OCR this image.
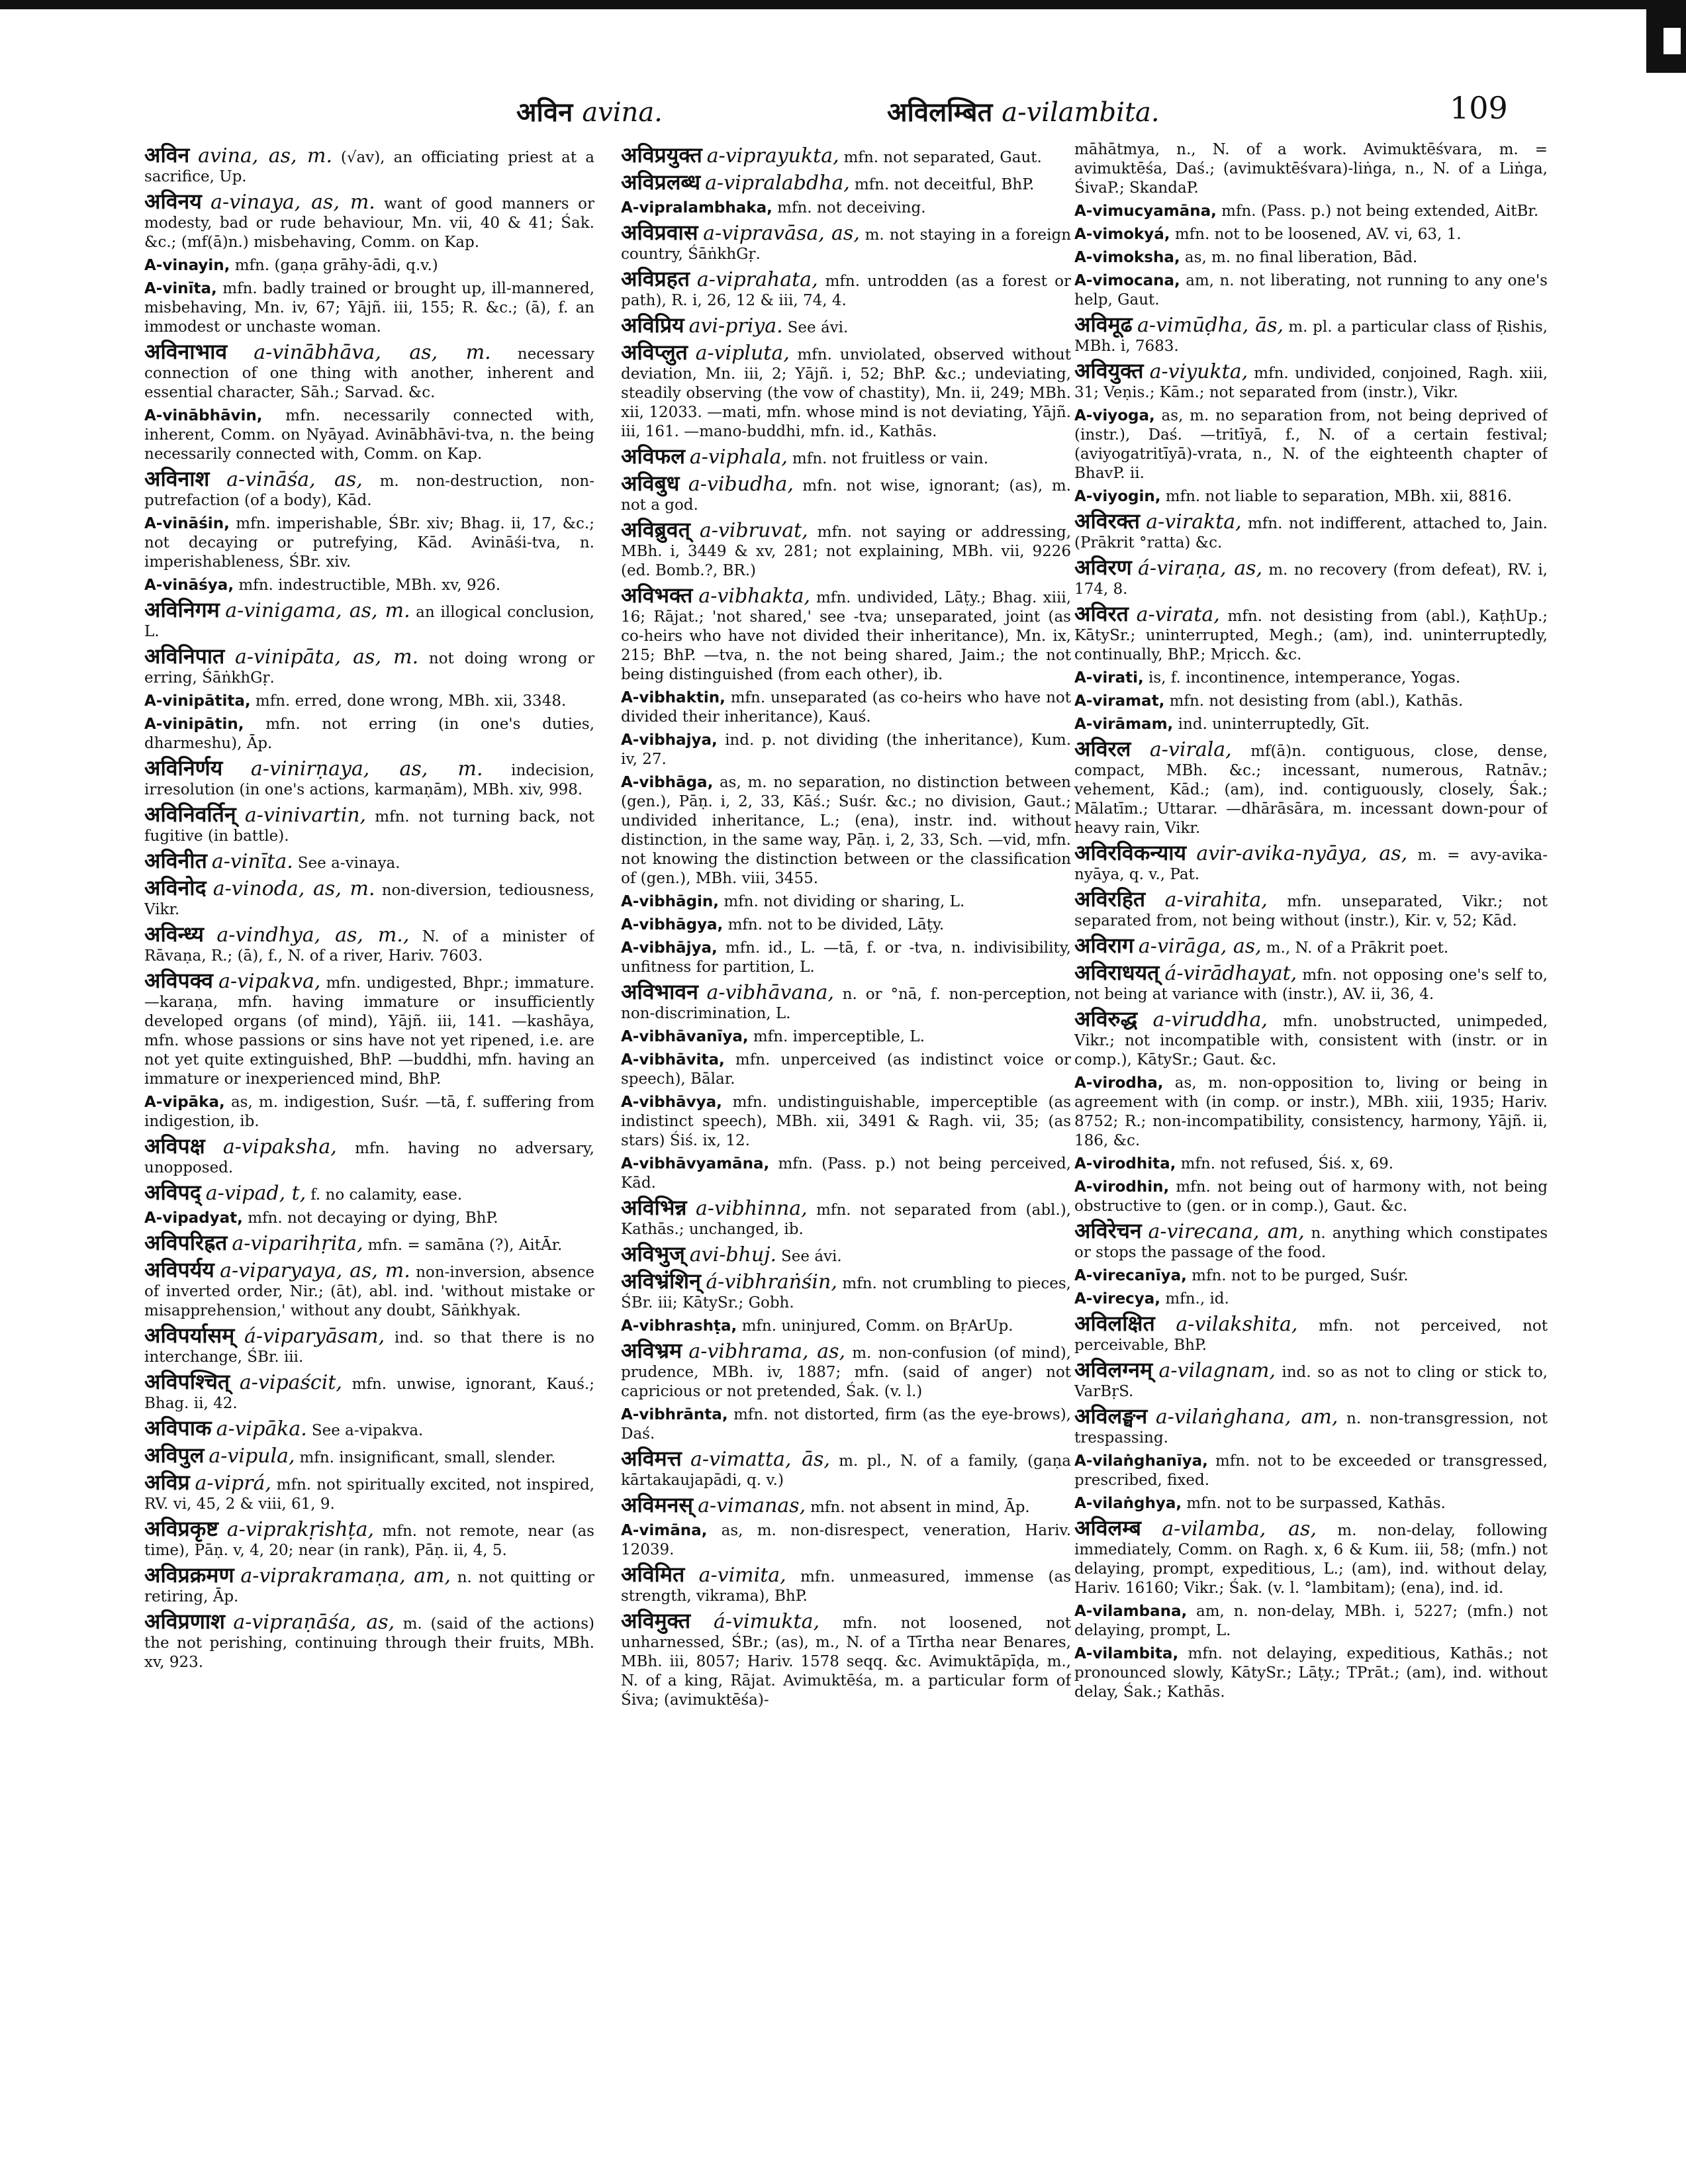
अविन avina.	अविलम्बित a-vilambita.	109
अविन avina, as, m. (√av), an officiating priest at a sacrifice, Up.
अविनय a-vinaya, as, m. want of good manners or modesty, bad or rude behaviour, Mn. vii, 40 & 41; Śak. &c.; (mf(ā)n.) misbehaving, Comm. on Kap.
A-vinayin, mfn. (gaṇa grāhy-ādi, q.v.)
A-vinīta, mfn. badly trained or brought up, ill-mannered, misbehaving, Mn. iv, 67; Yājñ. iii, 155; R. &c.; (ā), f. an immodest or unchaste woman.
अविनाभाव a-vinābhāva, as, m. necessary connection of one thing with another, inherent and essential character, Sāh.; Sarvad. &c.
A-vinābhāvin, mfn. necessarily connected with, inherent, Comm. on Nyāyad. Avinābhāvi-tva, n. the being necessarily connected with, Comm. on Kap.
अविनाश a-vināśa, as, m. non-destruction, non-putrefaction (of a body), Kād.
A-vināśin, mfn. imperishable, ŚBr. xiv; Bhag. ii, 17, &c.; not decaying or putrefying, Kād. Avināśi-tva, n. imperishableness, ŚBr. xiv.
A-vināśya, mfn. indestructible, MBh. xv, 926.
अविनिगम a-vinigama, as, m. an illogical conclusion, L.
अविनिपात a-vinipāta, as, m. not doing wrong or erring, ŚāṅkhGṛ.
A-vinipātita, mfn. erred, done wrong, MBh. xii, 3348.
A-vinipātin, mfn. not erring (in one's duties, dharmeshu), Āp.
अविनिर्णय a-vinirṇaya, as, m. indecision, irresolution (in one's actions, karmaṇām), MBh. xiv, 998.
अविनिवर्तिन् a-vinivartin, mfn. not turning back, not fugitive (in battle).
अविनीत a-vinīta. See a-vinaya.
अविनोद a-vinoda, as, m. non-diversion, tediousness, Vikr.
अविन्ध्य a-vindhya, as, m., N. of a minister of Rāvaṇa, R.; (ā), f., N. of a river, Hariv. 7603.
अविपक्व a-vipakva, mfn. undigested, Bhpr.; immature. —karaṇa, mfn. having immature or insufficiently developed organs (of mind), Yājñ. iii, 141. —kashāya, mfn. whose passions or sins have not yet ripened, i.e. are not yet quite extinguished, BhP. —buddhi, mfn. having an immature or inexperienced mind, BhP.
A-vipāka, as, m. indigestion, Suśr. —tā, f. suffering from indigestion, ib.
अविपक्ष a-vipaksha, mfn. having no adversary, unopposed.
अविपद् a-vipad, t, f. no calamity, ease.
A-vipadyat, mfn. not decaying or dying, BhP.
अविपरिह्रत a-viparihṛita, mfn. = samāna (?), AitĀr.
अविपर्यय a-viparyaya, as, m. non-inversion, absence of inverted order, Nir.; (āt), abl. ind. 'without mistake or misapprehension,' without any doubt, Sāṅkhyak.
अविपर्यासम् á-viparyāsam, ind. so that there is no interchange, ŚBr. iii.
अविपश्चित् a-vipaścit, mfn. unwise, ignorant, Kauś.; Bhag. ii, 42.
अविपाक a-vipāka. See a-vipakva.
अविपुल a-vipula, mfn. insignificant, small, slender.
अविप्र a-viprá, mfn. not spiritually excited, not inspired, RV. vi, 45, 2 & viii, 61, 9.
अविप्रकृष्ट a-viprakṛishṭa, mfn. not remote, near (as time), Pāṇ. v, 4, 20; near (in rank), Pāṇ. ii, 4, 5.
अविप्रक्रमण a-viprakramaṇa, am, n. not quitting or retiring, Āp.
अविप्रणाश a-vipraṇāśa, as, m. (said of the actions) the not perishing, continuing through their fruits, MBh. xv, 923.
अविप्रयुक्त a-viprayukta, mfn. not separated, Gaut.
अविप्रलब्ध a-vipralabdha, mfn. not deceitful, BhP.
A-vipralambhaka, mfn. not deceiving.
अविप्रवास a-vipravāsa, as, m. not staying in a foreign country, ŚāṅkhGṛ.
अविप्रहत a-viprahata, mfn. untrodden (as a forest or path), R. i, 26, 12 & iii, 74, 4.
अविप्रिय avi-priya. See ávi.
अविप्लुत a-vipluta, mfn. unviolated, observed without deviation, Mn. iii, 2; Yājñ. i, 52; BhP. &c.; undeviating, steadily observing (the vow of chastity), Mn. ii, 249; MBh. xii, 12033. —mati, mfn. whose mind is not deviating, Yājñ. iii, 161. —mano-buddhi, mfn. id., Kathās.
अविफल a-viphala, mfn. not fruitless or vain.
अविबुध a-vibudha, mfn. not wise, ignorant; (as), m. not a god.
अविब्रुवत् a-vibruvat, mfn. not saying or addressing, MBh. i, 3449 & xv, 281; not explaining, MBh. vii, 9226 (ed. Bomb.?, BR.)
अविभक्त a-vibhakta, mfn. undivided, Lāṭy.; Bhag. xiii, 16; Rājat.; 'not shared,' see -tva; unseparated, joint (as co-heirs who have not divided their inheritance), Mn. ix, 215; BhP. —tva, n. the not being shared, Jaim.; the not being distinguished (from each other), ib.
A-vibhaktin, mfn. unseparated (as co-heirs who have not divided their inheritance), Kauś.
A-vibhajya, ind. p. not dividing (the inheritance), Kum. iv, 27.
A-vibhāga, as, m. no separation, no distinction between (gen.), Pāṇ. i, 2, 33, Kāś.; Suśr. &c.; no division, Gaut.; undivided inheritance, L.; (ena), instr. ind. without distinction, in the same way, Pāṇ. i, 2, 33, Sch. —vid, mfn. not knowing the distinction between or the classification of (gen.), MBh. viii, 3455.
A-vibhāgin, mfn. not dividing or sharing, L.
A-vibhāgya, mfn. not to be divided, Lāṭy.
A-vibhājya, mfn. id., L. —tā, f. or -tva, n. indivisibility, unfitness for partition, L.
अविभावन a-vibhāvana, n. or °nā, f. non-perception, non-discrimination, L.
A-vibhāvanīya, mfn. imperceptible, L.
A-vibhāvita, mfn. unperceived (as indistinct voice or speech), Bālar.
A-vibhāvya, mfn. undistinguishable, imperceptible (as indistinct speech), MBh. xii, 3491 & Ragh. vii, 35; (as stars) Śiś. ix, 12.
A-vibhāvyamāna, mfn. (Pass. p.) not being perceived, Kād.
अविभिन्न a-vibhinna, mfn. not separated from (abl.), Kathās.; unchanged, ib.
अविभुज् avi-bhuj. See ávi.
अविभ्रंशिन् á-vibhraṅśin, mfn. not crumbling to pieces, ŚBr. iii; KātySr.; Gobh.
A-vibhrashṭa, mfn. uninjured, Comm. on BṛArUp.
अविभ्रम a-vibhrama, as, m. non-confusion (of mind), prudence, MBh. iv, 1887; mfn. (said of anger) not capricious or not pretended, Śak. (v. l.)
A-vibhrānta, mfn. not distorted, firm (as the eye-brows), Daś.
अविमत्त a-vimatta, ās, m. pl., N. of a family, (gaṇa kārtakaujapādi, q. v.)
अविमनस् a-vimanas, mfn. not absent in mind, Āp.
A-vimāna, as, m. non-disrespect, veneration, Hariv. 12039.
अविमित a-vimita, mfn. unmeasured, immense (as strength, vikrama), BhP.
अविमुक्त á-vimukta, mfn. not loosened, not unharnessed, ŚBr.; (as), m., N. of a Tīrtha near Benares, MBh. iii, 8057; Hariv. 1578 seqq. &c. Avimuktāpīḍa, m., N. of a king, Rājat. Avimuktēśa, m. a particular form of Śiva; (avimuktēśa)-
māhātmya, n., N. of a work. Avimuktēśvara, m. = avimuktēśa, Daś.; (avimuktēśvara)-liṅga, n., N. of a Liṅga, ŚivaP.; SkandaP.
A-vimucyamāna, mfn. (Pass. p.) not being extended, AitBr.
A-vimokyá, mfn. not to be loosened, AV. vi, 63, 1.
A-vimoksha, as, m. no final liberation, Bād.
A-vimocana, am, n. not liberating, not running to any one's help, Gaut.
अविमूढ a-vimūḍha, ās, m. pl. a particular class of Ṛishis, MBh. i, 7683.
अवियुक्त a-viyukta, mfn. undivided, conjoined, Ragh. xiii, 31; Veṇis.; Kām.; not separated from (instr.), Vikr.
A-viyoga, as, m. no separation from, not being deprived of (instr.), Daś. —tritīyā, f., N. of a certain festival; (aviyogatritīyā)-vrata, n., N. of the eighteenth chapter of BhavP. ii.
A-viyogin, mfn. not liable to separation, MBh. xii, 8816.
अविरक्त a-virakta, mfn. not indifferent, attached to, Jain. (Prākrit °ratta) &c.
अविरण á-viraṇa, as, m. no recovery (from defeat), RV. i, 174, 8.
अविरत a-virata, mfn. not desisting from (abl.), KaṭhUp.; KātySr.; uninterrupted, Megh.; (am), ind. uninterruptedly, continually, BhP.; Mṛicch. &c.
A-virati, is, f. incontinence, intemperance, Yogas.
A-viramat, mfn. not desisting from (abl.), Kathās.
A-virāmam, ind. uninterruptedly, Gīt.
अविरल a-virala, mf(ā)n. contiguous, close, dense, compact, MBh. &c.; incessant, numerous, Ratnāv.; vehement, Kād.; (am), ind. contiguously, closely, Śak.; Mālatīm.; Uttarar. —dhārāsāra, m. incessant down-pour of heavy rain, Vikr.
अविरविकन्याय avir-avika-nyāya, as, m. = avy-avika-nyāya, q. v., Pat.
अविरहित a-virahita, mfn. unseparated, Vikr.; not separated from, not being without (instr.), Kir. v, 52; Kād.
अविराग a-virāga, as, m., N. of a Prākrit poet.
अविराधयत् á-virādhayat, mfn. not opposing one's self to, not being at variance with (instr.), AV. ii, 36, 4.
अविरुद्ध a-viruddha, mfn. unobstructed, unimpeded, Vikr.; not incompatible with, consistent with (instr. or in comp.), KātySr.; Gaut. &c.
A-virodha, as, m. non-opposition to, living or being in agreement with (in comp. or instr.), MBh. xiii, 1935; Hariv. 8752; R.; non-incompatibility, consistency, harmony, Yājñ. ii, 186, &c.
A-virodhita, mfn. not refused, Śiś. x, 69.
A-virodhin, mfn. not being out of harmony with, not being obstructive to (gen. or in comp.), Gaut. &c.
अविरेचन a-virecana, am, n. anything which constipates or stops the passage of the food.
A-virecanīya, mfn. not to be purged, Suśr.
A-virecya, mfn., id.
अविलक्षित a-vilakshita, mfn. not perceived, not perceivable, BhP.
अविलग्नम् a-vilagnam, ind. so as not to cling or stick to, VarBṛS.
अविलङ्घन a-vilaṅghana, am, n. non-transgression, not trespassing.
A-vilaṅghanīya, mfn. not to be exceeded or transgressed, prescribed, fixed.
A-vilaṅghya, mfn. not to be surpassed, Kathās.
अविलम्ब a-vilamba, as, m. non-delay, following immediately, Comm. on Ragh. x, 6 & Kum. iii, 58; (mfn.) not delaying, prompt, expeditious, L.; (am), ind. without delay, Hariv. 16160; Vikr.; Śak. (v. l. °lambitam); (ena), ind. id.
A-vilambana, am, n. non-delay, MBh. i, 5227; (mfn.) not delaying, prompt, L.
A-vilambita, mfn. not delaying, expeditious, Kathās.; not pronounced slowly, KātySr.; Lāṭy.; TPrāt.; (am), ind. without delay, Śak.; Kathās.
